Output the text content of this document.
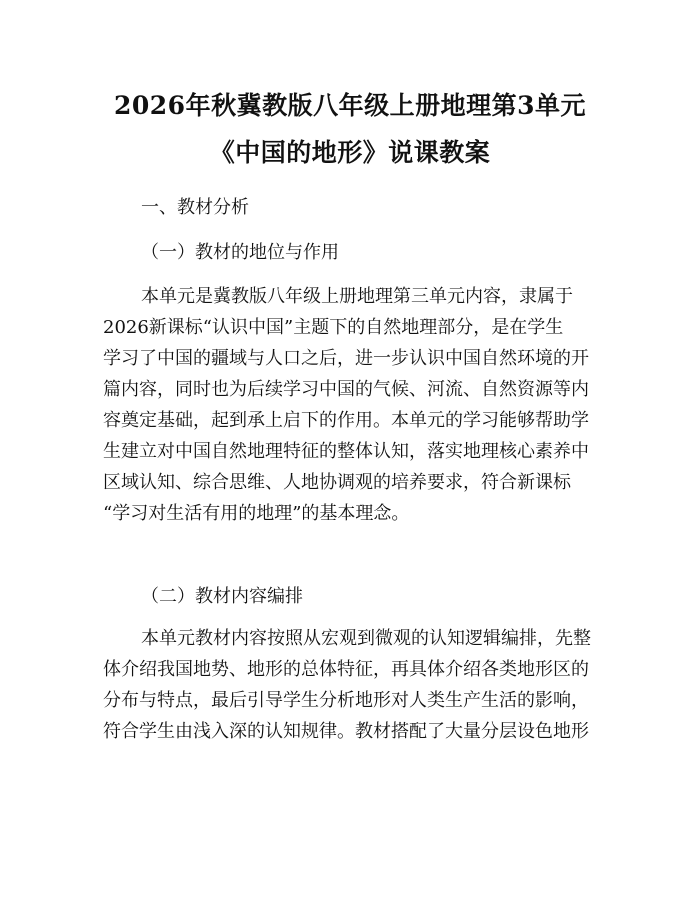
2026年秋冀教版八年级上册地理第3单元
《中国的地形》说课教案
一、教材分析
（一）教材的地位与作用
本单元是冀教版八年级上册地理第三单元内容，隶属于
2026新课标“认识中国”主题下的自然地理部分，是在学生
学习了中国的疆域与人口之后，进一步认识中国自然环境的开
篇内容，同时也为后续学习中国的气候、河流、自然资源等内
容奠定基础，起到承上启下的作用。本单元的学习能够帮助学
生建立对中国自然地理特征的整体认知，落实地理核心素养中
区域认知、综合思维、人地协调观的培养要求，符合新课标
“学习对生活有用的地理”的基本理念。
（二）教材内容编排
本单元教材内容按照从宏观到微观的认知逻辑编排，先整
体介绍我国地势、地形的总体特征，再具体介绍各类地形区的
分布与特点，最后引导学生分析地形对人类生产生活的影响，
符合学生由浅入深的认知规律。教材搭配了大量分层设色地形
